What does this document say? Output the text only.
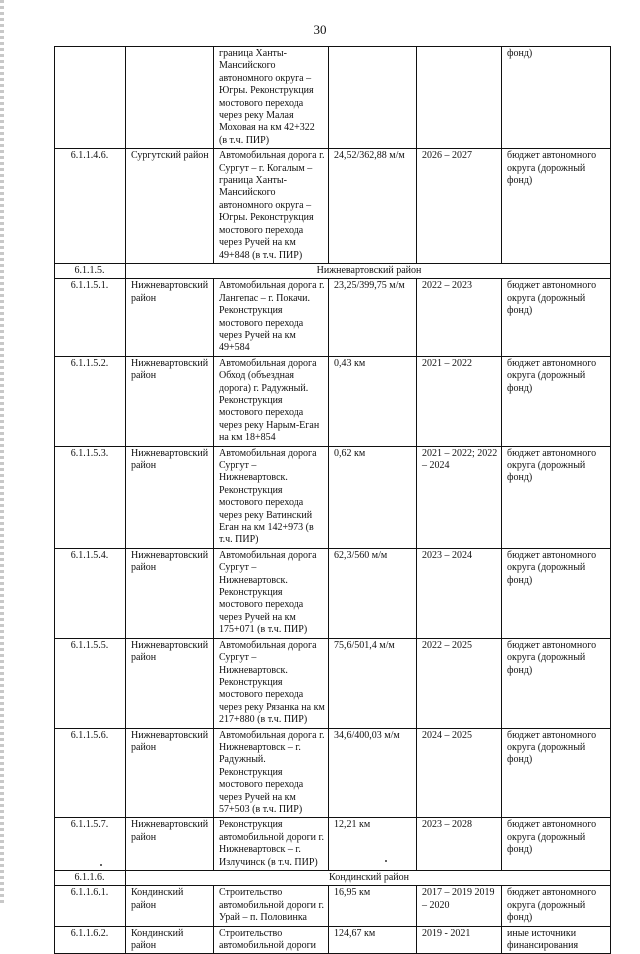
30
		граница Ханты-Мансийского автономного округа – Югры. Реконструкция мостового перехода через реку Малая Моховая на км 42+322 (в т.ч. ПИР)			фонд)
6.1.1.4.6.	Сургутский район	Автомобильная дорога г. Сургут – г. Когалым – граница Ханты-Мансийского автономного округа – Югры. Реконструкция мостового перехода через Ручей на км 49+848 (в т.ч. ПИР)	24,52/362,88 м/м	2026 – 2027	бюджет автономного округа (дорожный фонд)
6.1.1.5.	Нижневартовский район				
6.1.1.5.1.	Нижневартовский район	Автомобильная дорога г. Лангепас – г. Покачи. Реконструкция мостового перехода через Ручей на км 49+584	23,25/399,75 м/м	2022 – 2023	бюджет автономного округа (дорожный фонд)
6.1.1.5.2.	Нижневартовский район	Автомобильная дорога Обход (объездная дорога) г. Радужный. Реконструкция мостового перехода через реку Нарым-Еган на км 18+854	0,43 км	2021 – 2022	бюджет автономного округа (дорожный фонд)
6.1.1.5.3.	Нижневартовский район	Автомобильная дорога Сургут – Нижневартовск. Реконструкция мостового перехода через реку Ватинский Еган на км 142+973 (в т.ч. ПИР)	0,62 км	2021 – 2022; 2022 – 2024	бюджет автономного округа (дорожный фонд)
6.1.1.5.4.	Нижневартовский район	Автомобильная дорога Сургут – Нижневартовск. Реконструкция мостового перехода через Ручей на км 175+071 (в т.ч. ПИР)	62,3/560 м/м	2023 – 2024	бюджет автономного округа (дорожный фонд)
6.1.1.5.5.	Нижневартовский район	Автомобильная дорога Сургут – Нижневартовск. Реконструкция мостового перехода через реку Рязанка на км 217+880 (в т.ч. ПИР)	75,6/501,4 м/м	2022 – 2025	бюджет автономного округа (дорожный фонд)
6.1.1.5.6.	Нижневартовский район	Автомобильная дорога г. Нижневартовск – г. Радужный. Реконструкция мостового перехода через Ручей на км 57+503 (в т.ч. ПИР)	34,6/400,03 м/м	2024 – 2025	бюджет автономного округа (дорожный фонд)
6.1.1.5.7.	Нижневартовский район	Реконструкция автомобильной дороги г. Нижневартовск – г. Излучинск (в т.ч. ПИР)	12,21 км	2023 – 2028	бюджет автономного округа (дорожный фонд)
6.1.1.6.	Кондинский район				
6.1.1.6.1.	Кондинский район	Строительство автомобильной дороги г. Урай – п. Половинка	16,95 км	2017 – 2019 2019 – 2020	бюджет автономного округа (дорожный фонд)
6.1.1.6.2.	Кондинский район	Строительство автомобильной дороги	124,67 км	2019 - 2021	иные источники финансирования
